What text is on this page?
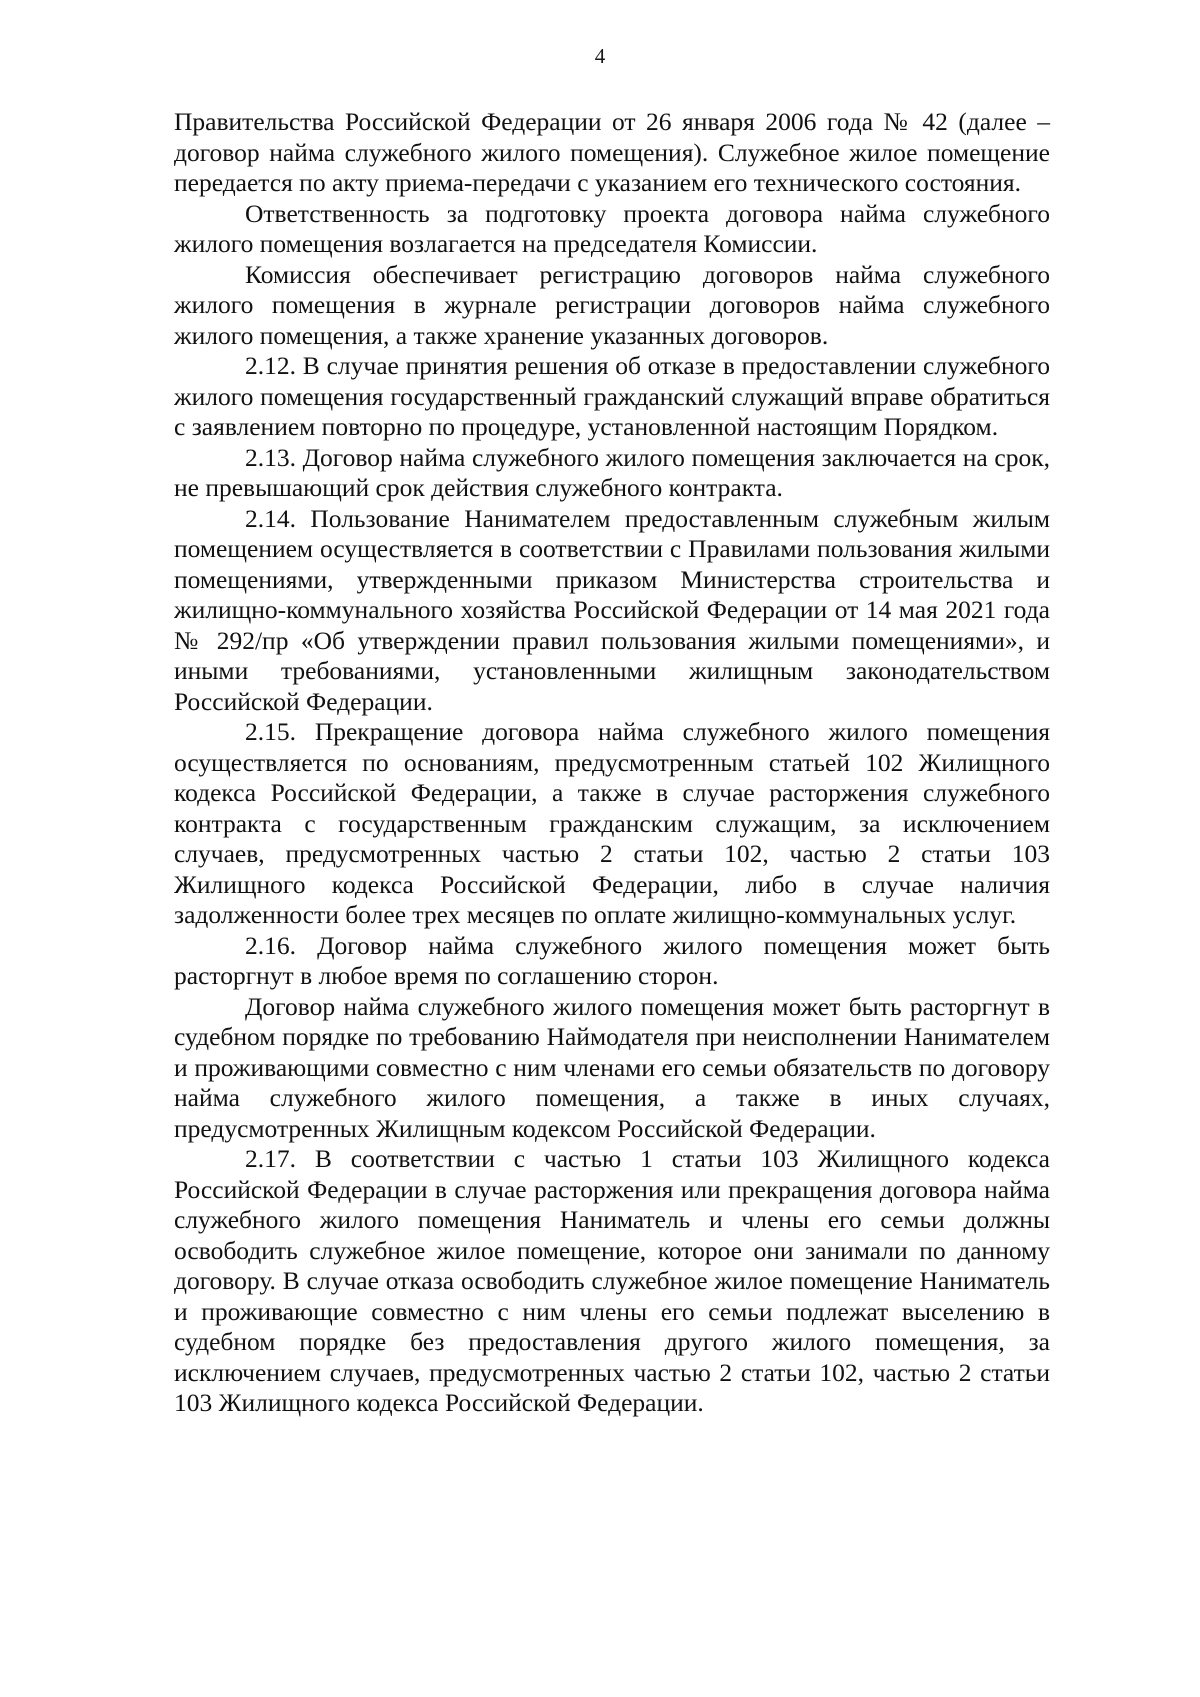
4

Правительства Российской Федерации от 26 января 2006 года № 42 (далее – договор найма служебного жилого помещения). Служебное жилое помещение передается по акту приема-передачи с указанием его технического состояния.

Ответственность за подготовку проекта договора найма служебного жилого помещения возлагается на председателя Комиссии.

Комиссия обеспечивает регистрацию договоров найма служебного жилого помещения в журнале регистрации договоров найма служебного жилого помещения, а также хранение указанных договоров.

2.12. В случае принятия решения об отказе в предоставлении служебного жилого помещения государственный гражданский служащий вправе обратиться с заявлением повторно по процедуре, установленной настоящим Порядком.

2.13. Договор найма служебного жилого помещения заключается на срок, не превышающий срок действия служебного контракта.

2.14. Пользование Нанимателем предоставленным служебным жилым помещением осуществляется в соответствии с Правилами пользования жилыми помещениями, утвержденными приказом Министерства строительства и жилищно-коммунального хозяйства Российской Федерации от 14 мая 2021 года № 292/пр «Об утверждении правил пользования жилыми помещениями», и иными требованиями, установленными жилищным законодательством Российской Федерации.

2.15. Прекращение договора найма служебного жилого помещения осуществляется по основаниям, предусмотренным статьей 102 Жилищного кодекса Российской Федерации, а также в случае расторжения служебного контракта с государственным гражданским служащим, за исключением случаев, предусмотренных частью 2 статьи 102, частью 2 статьи 103 Жилищного кодекса Российской Федерации, либо в случае наличия задолженности более трех месяцев по оплате жилищно-коммунальных услуг.

2.16. Договор найма служебного жилого помещения может быть расторгнут в любое время по соглашению сторон.

Договор найма служебного жилого помещения может быть расторгнут в судебном порядке по требованию Наймодателя при неисполнении Нанимателем и проживающими совместно с ним членами его семьи обязательств по договору найма служебного жилого помещения, а также в иных случаях, предусмотренных Жилищным кодексом Российской Федерации.

2.17. В соответствии с частью 1 статьи 103 Жилищного кодекса Российской Федерации в случае расторжения или прекращения договора найма служебного жилого помещения Наниматель и члены его семьи должны освободить служебное жилое помещение, которое они занимали по данному договору. В случае отказа освободить служебное жилое помещение Наниматель и проживающие совместно с ним члены его семьи подлежат выселению в судебном порядке без предоставления другого жилого помещения, за исключением случаев, предусмотренных частью 2 статьи 102, частью 2 статьи 103 Жилищного кодекса Российской Федерации.
